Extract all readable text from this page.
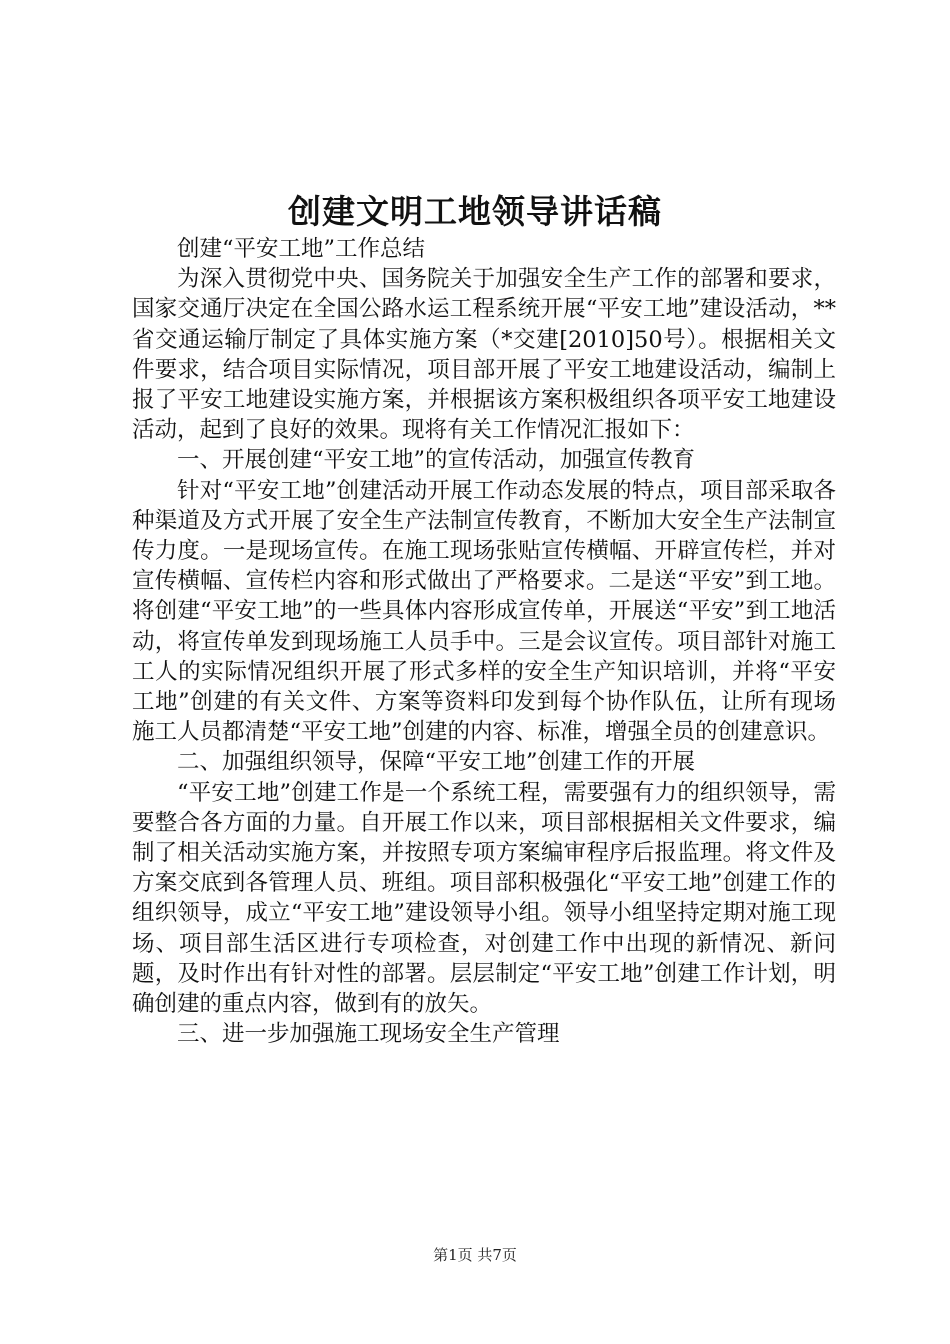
创建文明工地领导讲话稿

创建“平安工地”工作总结

为深入贯彻党中央、国务院关于加强安全生产工作的部署和要求，国家交通厅决定在全国公路水运工程系统开展“平安工地”建设活动，**省交通运输厅制定了具体实施方案（*交建[2010]50号）。根据相关文件要求，结合项目实际情况，项目部开展了平安工地建设活动，编制上报了平安工地建设实施方案，并根据该方案积极组织各项平安工地建设活动，起到了良好的效果。现将有关工作情况汇报如下：

一、开展创建“平安工地”的宣传活动，加强宣传教育

针对“平安工地”创建活动开展工作动态发展的特点，项目部采取各种渠道及方式开展了安全生产法制宣传教育，不断加大安全生产法制宣传力度。一是现场宣传。在施工现场张贴宣传横幅、开辟宣传栏，并对宣传横幅、宣传栏内容和形式做出了严格要求。二是送“平安”到工地。将创建“平安工地”的一些具体内容形成宣传单，开展送“平安”到工地活动，将宣传单发到现场施工人员手中。三是会议宣传。项目部针对施工工人的实际情况组织开展了形式多样的安全生产知识培训，并将“平安工地”创建的有关文件、方案等资料印发到每个协作队伍，让所有现场施工人员都清楚“平安工地”创建的内容、标准，增强全员的创建意识。

二、加强组织领导，保障“平安工地”创建工作的开展

“平安工地”创建工作是一个系统工程，需要强有力的组织领导，需要整合各方面的力量。自开展工作以来，项目部根据相关文件要求，编制了相关活动实施方案，并按照专项方案编审程序后报监理。将文件及方案交底到各管理人员、班组。项目部积极强化“平安工地”创建工作的组织领导，成立“平安工地”建设领导小组。领导小组坚持定期对施工现场、项目部生活区进行专项检查，对创建工作中出现的新情况、新问题，及时作出有针对性的部署。层层制定“平安工地”创建工作计划，明确创建的重点内容，做到有的放矢。

三、进一步加强施工现场安全生产管理

第1页 共7页
